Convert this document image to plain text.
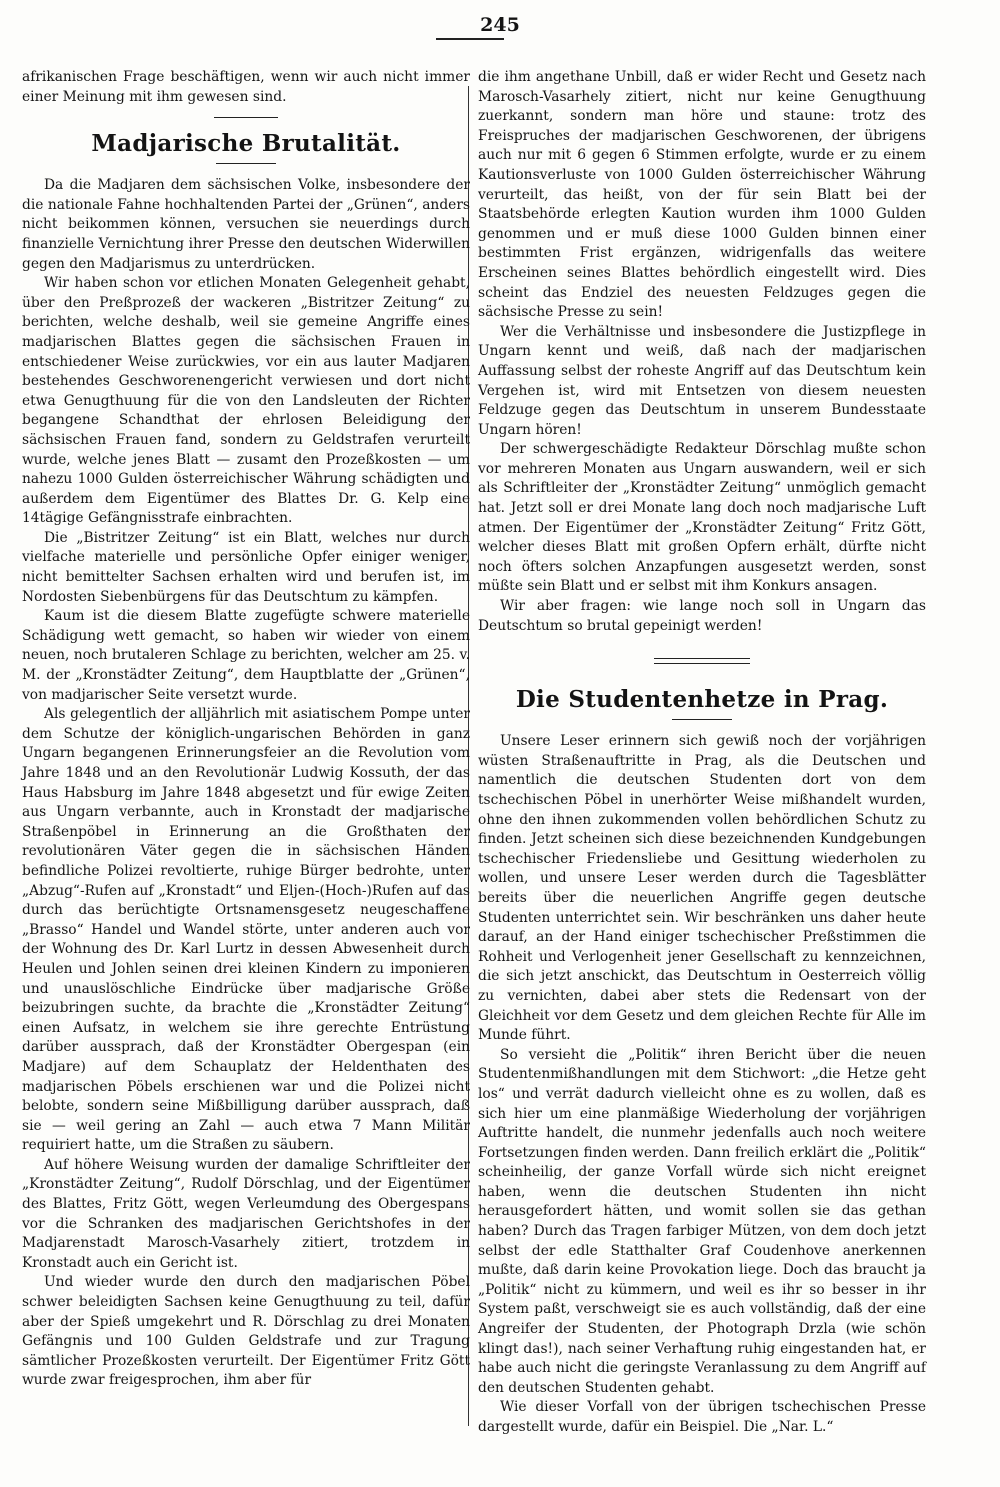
245

afrikanischen Frage beschäftigen, wenn wir auch nicht immer einer Meinung mit ihm gewesen sind.

Madjarische Brutalität.

Da die Madjaren dem sächsischen Volke, insbesondere der die nationale Fahne hochhaltenden Partei der „Grünen“, anders nicht beikommen können, versuchen sie neuerdings durch finanzielle Vernichtung ihrer Presse den deutschen Widerwillen gegen den Madjarismus zu unterdrücken.

Wir haben schon vor etlichen Monaten Gelegenheit gehabt, über den Preßprozeß der wackeren „Bistritzer Zeitung“ zu berichten, welche deshalb, weil sie gemeine Angriffe eines madjarischen Blattes gegen die sächsischen Frauen in entschiedener Weise zurückwies, vor ein aus lauter Madjaren bestehendes Geschworenengericht verwiesen und dort nicht etwa Genugthuung für die von den Landsleuten der Richter begangene Schandthat der ehrlosen Beleidigung der sächsischen Frauen fand, sondern zu Geldstrafen verurteilt wurde, welche jenes Blatt — zusamt den Prozeßkosten — um nahezu 1000 Gulden österreichischer Währung schädigten und außerdem dem Eigentümer des Blattes Dr. G. Kelp eine 14tägige Gefängnisstrafe einbrachten.

Die „Bistritzer Zeitung“ ist ein Blatt, welches nur durch vielfache materielle und persönliche Opfer einiger weniger, nicht bemittelter Sachsen erhalten wird und berufen ist, im Nordosten Siebenbürgens für das Deutschtum zu kämpfen.

Kaum ist die diesem Blatte zugefügte schwere materielle Schädigung wett gemacht, so haben wir wieder von einem neuen, noch brutaleren Schlage zu berichten, welcher am 25. v. M. der „Kronstädter Zeitung“, dem Hauptblatte der „Grünen“, von madjarischer Seite versetzt wurde.

Als gelegentlich der alljährlich mit asiatischem Pompe unter dem Schutze der königlich-ungarischen Behörden in ganz Ungarn begangenen Erinnerungsfeier an die Revolution vom Jahre 1848 und an den Revolutionär Ludwig Kossuth, der das Haus Habsburg im Jahre 1848 abgesetzt und für ewige Zeiten aus Ungarn verbannte, auch in Kronstadt der madjarische Straßenpöbel in Erinnerung an die Großthaten der revolutionären Väter gegen die in sächsischen Händen befindliche Polizei revoltierte, ruhige Bürger bedrohte, unter „Abzug“-Rufen auf „Kronstadt“ und Eljen-(Hoch-)Rufen auf das durch das berüchtigte Ortsnamensgesetz neugeschaffene „Brasso“ Handel und Wandel störte, unter anderen auch vor der Wohnung des Dr. Karl Lurtz in dessen Abwesenheit durch Heulen und Johlen seinen drei kleinen Kindern zu imponieren und unauslöschliche Eindrücke über madjarische Größe beizubringen suchte, da brachte die „Kronstädter Zeitung“ einen Aufsatz, in welchem sie ihre gerechte Entrüstung darüber aussprach, daß der Kronstädter Obergespan (ein Madjare) auf dem Schauplatz der Heldenthaten des madjarischen Pöbels erschienen war und die Polizei nicht belobte, sondern seine Mißbilligung darüber aussprach, daß sie — weil gering an Zahl — auch etwa 7 Mann Militär requiriert hatte, um die Straßen zu säubern.

Auf höhere Weisung wurden der damalige Schriftleiter der „Kronstädter Zeitung“, Rudolf Dörschlag, und der Eigentümer des Blattes, Fritz Gött, wegen Verleumdung des Obergespans vor die Schranken des madjarischen Gerichtshofes in der Madjarenstadt Marosch-Vasarhely zitiert, trotzdem in Kronstadt auch ein Gericht ist.

Und wieder wurde den durch den madjarischen Pöbel schwer beleidigten Sachsen keine Genugthuung zu teil, dafür aber der Spieß umgekehrt und R. Dörschlag zu drei Monaten Gefängnis und 100 Gulden Geldstrafe und zur Tragung sämtlicher Prozeßkosten verurteilt. Der Eigentümer Fritz Gött wurde zwar freigesprochen, ihm aber für

die ihm angethane Unbill, daß er wider Recht und Gesetz nach Marosch-Vasarhely zitiert, nicht nur keine Genugthuung zuerkannt, sondern man höre und staune: trotz des Freispruches der madjarischen Geschworenen, der übrigens auch nur mit 6 gegen 6 Stimmen erfolgte, wurde er zu einem Kautionsverluste von 1000 Gulden österreichischer Währung verurteilt, das heißt, von der für sein Blatt bei der Staatsbehörde erlegten Kaution wurden ihm 1000 Gulden genommen und er muß diese 1000 Gulden binnen einer bestimmten Frist ergänzen, widrigenfalls das weitere Erscheinen seines Blattes behördlich eingestellt wird. Dies scheint das Endziel des neuesten Feldzuges gegen die sächsische Presse zu sein!

Wer die Verhältnisse und insbesondere die Justizpflege in Ungarn kennt und weiß, daß nach der madjarischen Auffassung selbst der roheste Angriff auf das Deutschtum kein Vergehen ist, wird mit Entsetzen von diesem neuesten Feldzuge gegen das Deutschtum in unserem Bundesstaate Ungarn hören!

Der schwergeschädigte Redakteur Dörschlag mußte schon vor mehreren Monaten aus Ungarn auswandern, weil er sich als Schriftleiter der „Kronstädter Zeitung“ unmöglich gemacht hat. Jetzt soll er drei Monate lang doch noch madjarische Luft atmen. Der Eigentümer der „Kronstädter Zeitung“ Fritz Gött, welcher dieses Blatt mit großen Opfern erhält, dürfte nicht noch öfters solchen Anzapfungen ausgesetzt werden, sonst müßte sein Blatt und er selbst mit ihm Konkurs ansagen.

Wir aber fragen: wie lange noch soll in Ungarn das Deutschtum so brutal gepeinigt werden!

Die Studentenhetze in Prag.

Unsere Leser erinnern sich gewiß noch der vorjährigen wüsten Straßenauftritte in Prag, als die Deutschen und namentlich die deutschen Studenten dort von dem tschechischen Pöbel in unerhörter Weise mißhandelt wurden, ohne den ihnen zukommenden vollen behördlichen Schutz zu finden. Jetzt scheinen sich diese bezeichnenden Kundgebungen tschechischer Friedensliebe und Gesittung wiederholen zu wollen, und unsere Leser werden durch die Tagesblätter bereits über die neuerlichen Angriffe gegen deutsche Studenten unterrichtet sein. Wir beschränken uns daher heute darauf, an der Hand einiger tschechischer Preßstimmen die Rohheit und Verlogenheit jener Gesellschaft zu kennzeichnen, die sich jetzt anschickt, das Deutschtum in Oesterreich völlig zu vernichten, dabei aber stets die Redensart von der Gleichheit vor dem Gesetz und dem gleichen Rechte für Alle im Munde führt.

So versieht die „Politik“ ihren Bericht über die neuen Studentenmißhandlungen mit dem Stichwort: „die Hetze geht los“ und verrät dadurch vielleicht ohne es zu wollen, daß es sich hier um eine planmäßige Wiederholung der vorjährigen Auftritte handelt, die nunmehr jedenfalls auch noch weitere Fortsetzungen finden werden. Dann freilich erklärt die „Politik“ scheinheilig, der ganze Vorfall würde sich nicht ereignet haben, wenn die deutschen Studenten ihn nicht herausgefordert hätten, und womit sollen sie das gethan haben? Durch das Tragen farbiger Mützen, von dem doch jetzt selbst der edle Statthalter Graf Coudenhove anerkennen mußte, daß darin keine Provokation liege. Doch das braucht ja „Politik“ nicht zu kümmern, und weil es ihr so besser in ihr System paßt, verschweigt sie es auch vollständig, daß der eine Angreifer der Studenten, der Photograph Drzla (wie schön klingt das!), nach seiner Verhaftung ruhig eingestanden hat, er habe auch nicht die geringste Veranlassung zu dem Angriff auf den deutschen Studenten gehabt.

Wie dieser Vorfall von der übrigen tschechischen Presse dargestellt wurde, dafür ein Beispiel. Die „Nar. L.“
